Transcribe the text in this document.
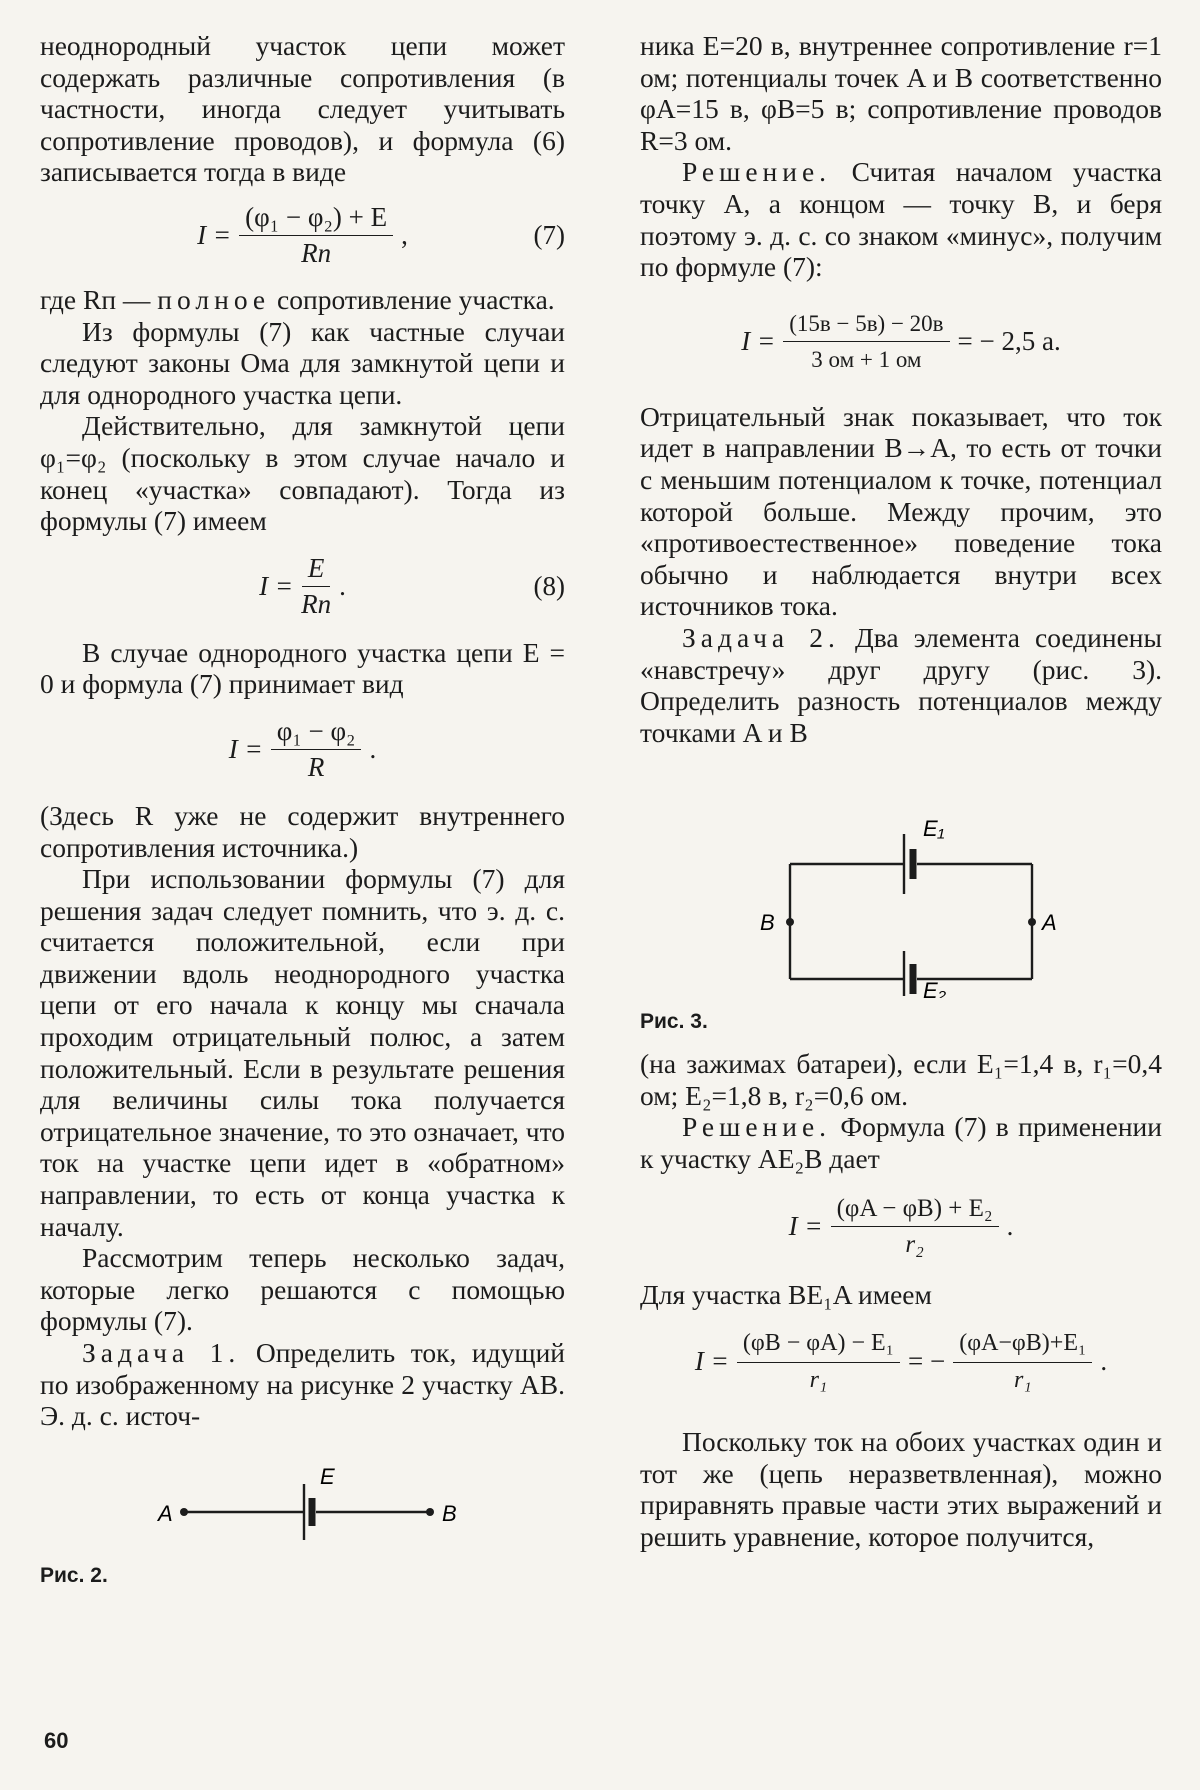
неоднородный участок цепи может содержать различные сопротивления (в частности, иногда следует учитывать сопротивление проводов), и формула (6) записывается тогда в виде

$I = \frac{\text{(φ₁ − φ₂) + E}}{Rп}$ ,	(7)

где Rп — полное сопротивление участка.

Из формулы (7) как частные случаи следуют законы Ома для замкнутой цепи и для однородного участка цепи.

Действительно, для замкнутой цепи φ₁=φ₂ (поскольку в этом случае начало и конец «участка» совпадают). Тогда из формулы (7) имеем

$I = \frac{E}{Rп}$ .	(8)

В случае однородного участка цепи E = 0 и формула (7) принимает вид

$I = \frac{\text{φ₁ − φ₂}}{R}$ .

(Здесь R уже не содержит внутреннего сопротивления источника.)

При использовании формулы (7) для решения задач следует помнить, что э. д. с. считается положительной, если при движении вдоль неоднородного участка цепи от его начала к концу мы сначала проходим отрицательный полюс, а затем положительный. Если в результате решения для величины силы тока получается отрицательное значение, то это означает, что ток на участке цепи идет в «обратном» направлении, то есть от конца участка к началу.

Рассмотрим теперь несколько задач, которые легко решаются с помощью формулы (7).

Задача 1. Определить ток, идущий по изображенному на рисунке 2 участку AB. Э. д. с. источ-

A	B
E
Рис. 2.

ника E=20 в, внутреннее сопротивление r=1 ом; потенциалы точек A и B соответственно φA=15 в, φB=5 в; сопротивление проводов R=3 ом.

Решение. Считая началом участка точку A, а концом — точку B, и беря поэтому э. д. с. со знаком «минус», получим по формуле (7):

$I = \frac{(15в - 5в) - 20в}{3 ом + 1 ом}$ = − 2,5 а.

Отрицательный знак показывает, что ток идет в направлении B→A, то есть от точки с меньшим потенциалом к точке, потенциал которой больше. Между прочим, это «противоестественное» поведение тока обычно и наблюдается внутри всех источников тока.

Задача 2. Два элемента соединены «навстречу» друг другу (рис. 3). Определить разность потенциалов между точками A и B

B	A
E₁
E₂
Рис. 3.

(на зажимах батареи), если E₁=1,4 в, r₁=0,4 ом; E₂=1,8 в, r₂=0,6 ом.

Решение. Формула (7) в применении к участку AE₂B дает

$I = \frac{\text{(φA − φB) + E₂}}{\text{r₂}}$ .

Для участка BE₁A имеем

$I = \frac{\text{(φB − φA) − E₁}}{\text{r₁}}$ = − $\frac{\text{(φA−φB)+E₁}}{\text{r₁}}$ .

Поскольку ток на обоих участках один и тот же (цепь неразветвленная), можно приравнять правые части этих выражений и решить уравнение, которое получится,

60
